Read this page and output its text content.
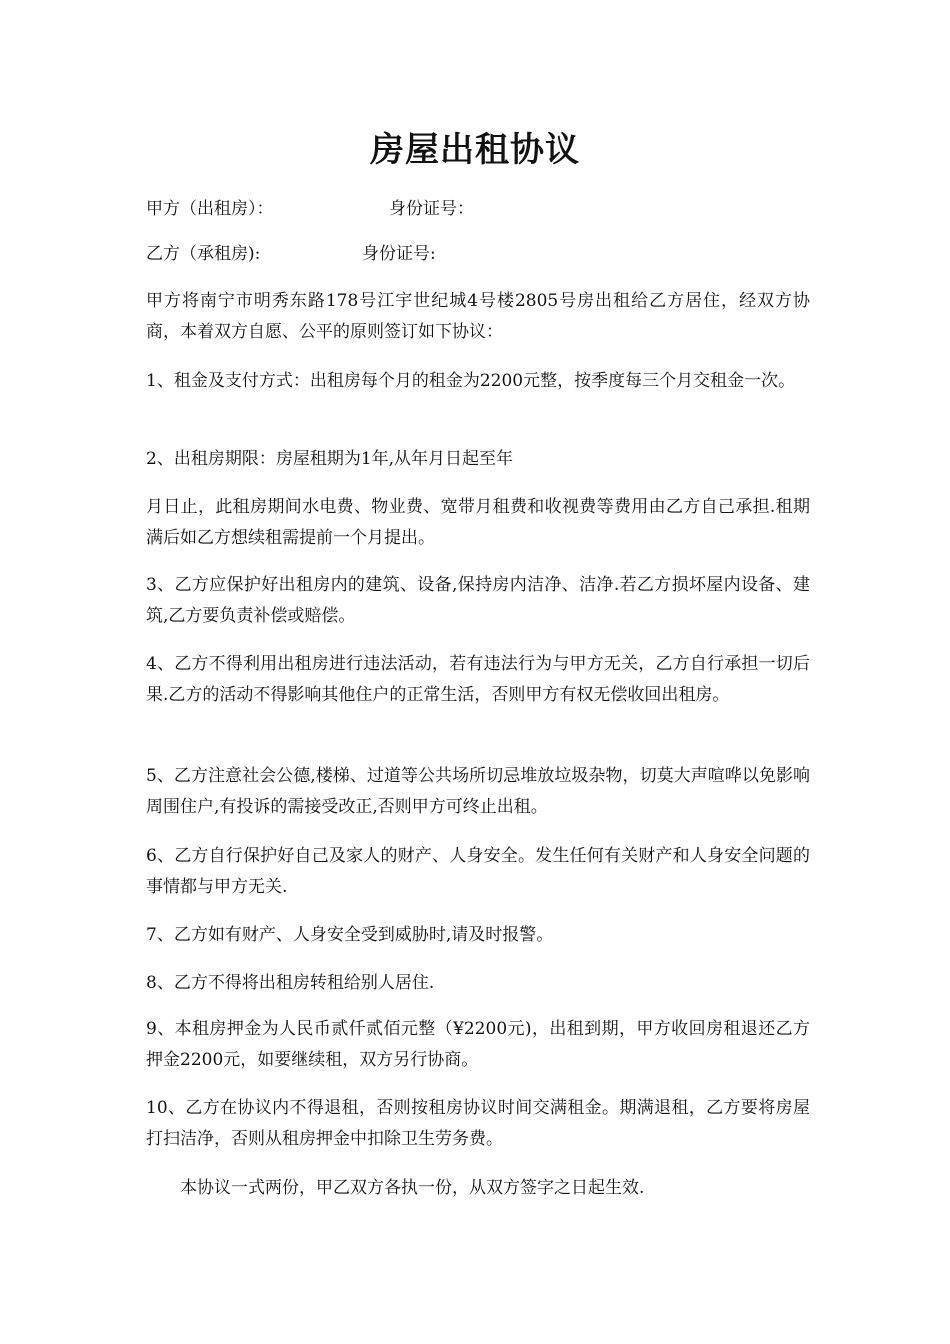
房屋出租协议
甲方（出租房）：	身份证号：
乙方（承租房):	身份证号:

甲方将南宁市明秀东路178号江宇世纪城4号楼2805号房出租给乙方居住，经双方协商，本着双方自愿、公平的原则签订如下协议：

1、租金及支付方式：出租房每个月的租金为2200元整，按季度每三个月交租金一次。

2、出租房期限：房屋租期为1年,从年月日起至年

月日止，此租房期间水电费、物业费、宽带月租费和收视费等费用由乙方自己承担.租期满后如乙方想续租需提前一个月提出。

3、乙方应保护好出租房内的建筑、设备,保持房内洁净、洁净.若乙方损坏屋内设备、建筑,乙方要负责补偿或赔偿。

4、乙方不得利用出租房进行违法活动，若有违法行为与甲方无关，乙方自行承担一切后果.乙方的活动不得影响其他住户的正常生活，否则甲方有权无偿收回出租房。

5、乙方注意社会公德,楼梯、过道等公共场所切忌堆放垃圾杂物，切莫大声喧哗以免影响周围住户,有投诉的需接受改正,否则甲方可终止出租。

6、乙方自行保护好自己及家人的财产、人身安全。发生任何有关财产和人身安全问题的事情都与甲方无关.

7、乙方如有财产、人身安全受到威胁时,请及时报警。

8、乙方不得将出租房转租给别人居住.

9、本租房押金为人民币贰仟贰佰元整（¥2200元)，出租到期，甲方收回房租退还乙方押金2200元，如要继续租，双方另行协商。

10、乙方在协议内不得退租，否则按租房协议时间交满租金。期满退租，乙方要将房屋打扫洁净，否则从租房押金中扣除卫生劳务费。

本协议一式两份，甲乙双方各执一份，从双方签字之日起生效.
